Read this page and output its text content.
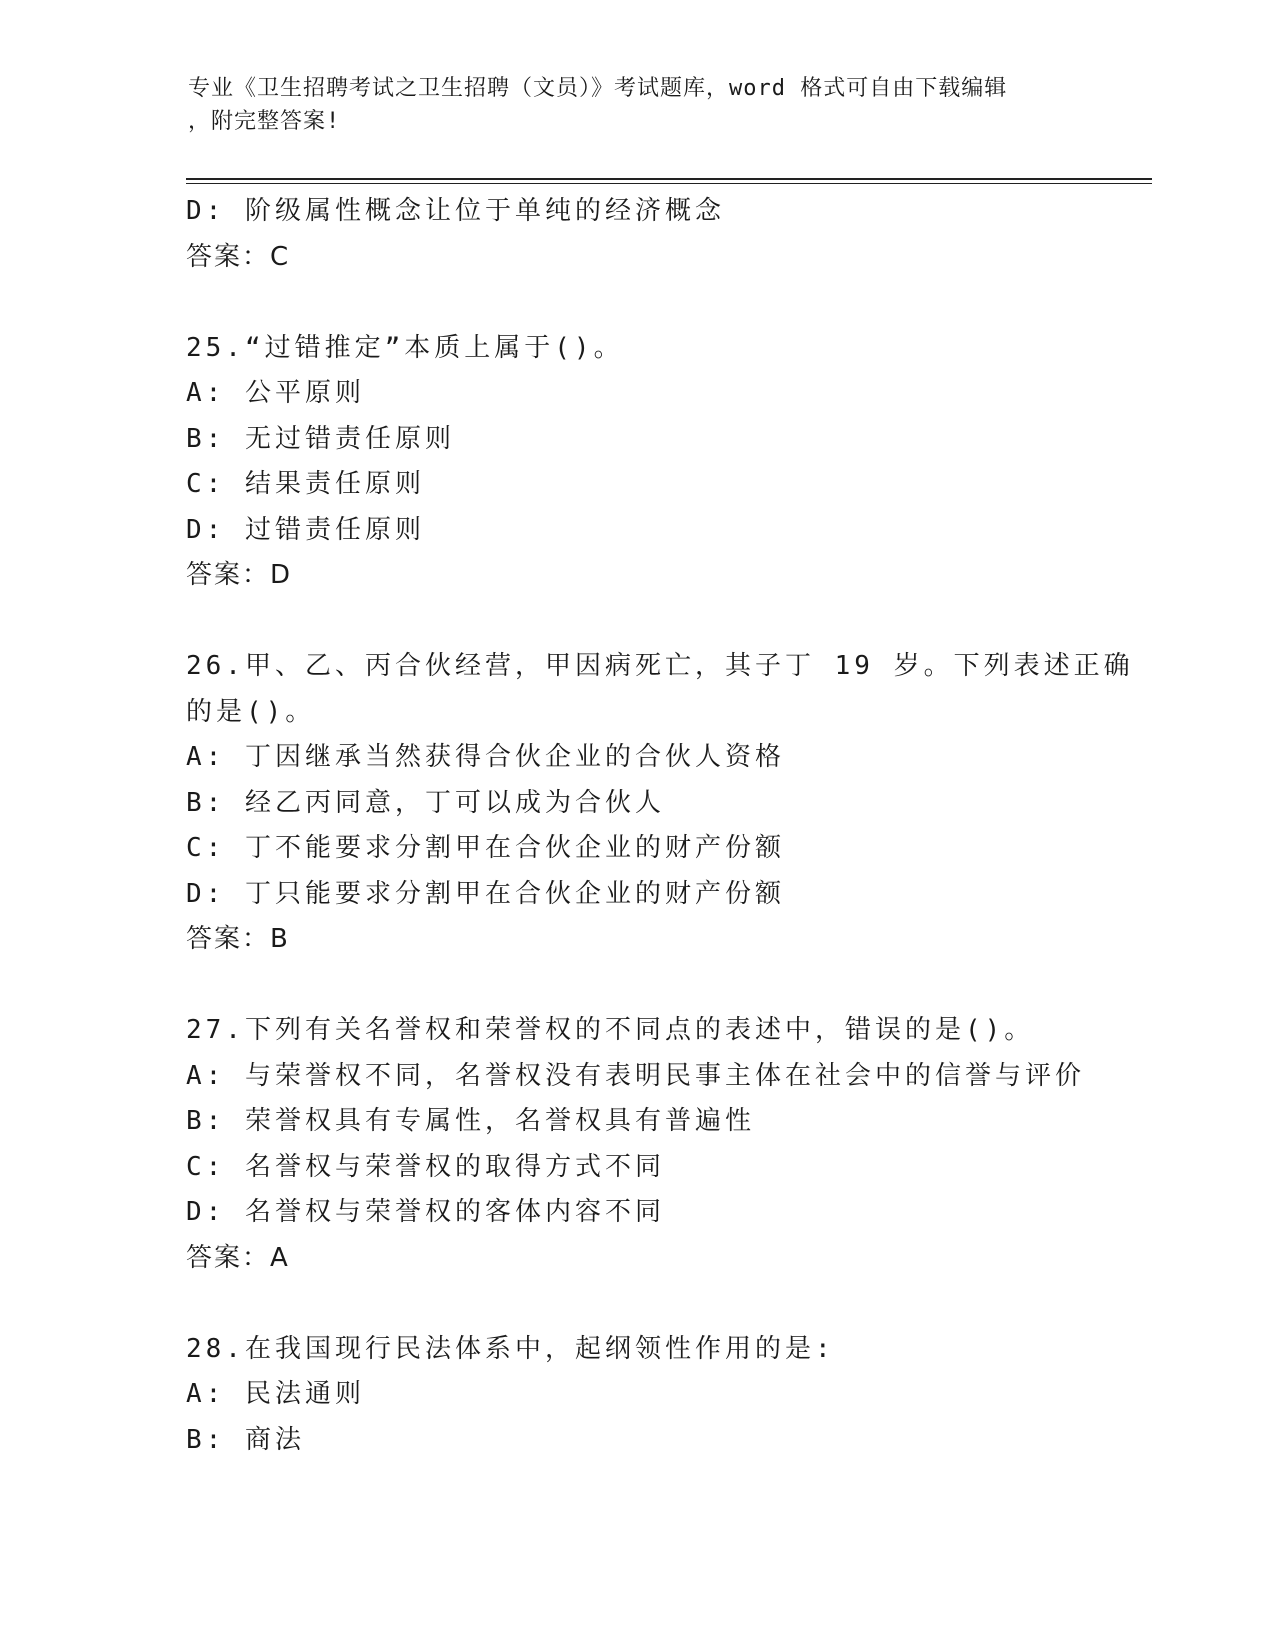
专业《卫生招聘考试之卫生招聘（文员）》考试题库，word 格式可自由下载编辑
，附完整答案!
D: 阶级属性概念让位于单纯的经济概念
答案：C
25.“过错推定”本质上属于()。
A: 公平原则
B: 无过错责任原则
C: 结果责任原则
D: 过错责任原则
答案：D
26.甲、乙、丙合伙经营，甲因病死亡，其子丁 19 岁。下列表述正确
的是()。
A: 丁因继承当然获得合伙企业的合伙人资格
B: 经乙丙同意，丁可以成为合伙人
C: 丁不能要求分割甲在合伙企业的财产份额
D: 丁只能要求分割甲在合伙企业的财产份额
答案：B
27.下列有关名誉权和荣誉权的不同点的表述中，错误的是()。
A: 与荣誉权不同，名誉权没有表明民事主体在社会中的信誉与评价
B: 荣誉权具有专属性，名誉权具有普遍性
C: 名誉权与荣誉权的取得方式不同
D: 名誉权与荣誉权的客体内容不同
答案：A
28.在我国现行民法体系中，起纲领性作用的是:
A: 民法通则
B: 商法
